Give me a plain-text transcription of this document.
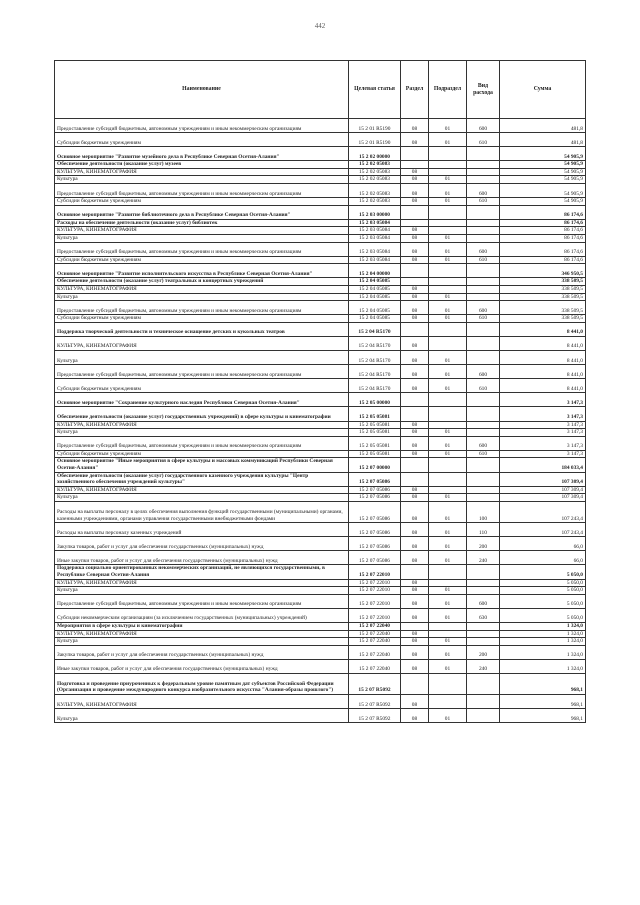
442
Наименование	Целевая статья	Раздел	Подраздел	Вид расхода	Сумма
Предоставление субсидий бюджетным, автономным учреждениям и иным некоммерческим организациям	15 2 01 R5190	08	01	600	481,8
Субсидии бюджетным учреждениям	15 2 01 R5190	08	01	610	481,8
Основное мероприятие "Развитие музейного дела в Республике Северная Осетия-Алания"	15 2 02 00000				54 905,9
Обеспечение деятельности (оказание услуг) музеев	15 2 02 05083				54 905,9
КУЛЬТУРА, КИНЕМАТОГРАФИЯ	15 2 02 05083	08			54 905,9
Культура	15 2 02 05083	08	01		54 905,9
Предоставление субсидий бюджетным, автономным учреждениям и иным некоммерческим организациям	15 2 02 05083	08	01	600	54 905,9
Субсидии бюджетным учреждениям	15 2 02 05083	08	01	610	54 905,9
Основное мероприятие "Развитие библиотечного дела в Республике Северная Осетия-Алания"	15 2 03 00000				86 174,6
Расходы на обеспечение деятельности (оказание услуг) библиотек	15 2 03 05084				86 174,6
КУЛЬТУРА, КИНЕМАТОГРАФИЯ	15 2 03 05084	08			86 174,6
Культура	15 2 03 05084	08	01		86 174,6
Предоставление субсидий бюджетным, автономным учреждениям и иным некоммерческим организациям	15 2 03 05084	08	01	600	86 174,6
Субсидии бюджетным учреждениям	15 2 03 05084	08	01	610	86 174,6
Основное мероприятие "Развитие исполнительского искусства в Республике Северная Осетия-Алания"	15 2 04 00000				346 950,5
Обеспечение деятельности (оказание услуг) театральных и концертных учреждений	15 2 04 05085				338 509,5
КУЛЬТУРА, КИНЕМАТОГРАФИЯ	15 2 04 05085	08			338 509,5
Культура	15 2 04 05085	08	01		338 509,5
Предоставление субсидий бюджетным, автономным учреждениям и иным некоммерческим организациям	15 2 04 05085	08	01	600	338 509,5
Субсидии бюджетным учреждениям	15 2 04 05085	08	01	610	338 509,5
Поддержка творческой деятельности и техническое оснащение детских и кукольных театров	15 2 04 R5170				8 441,0
КУЛЬТУРА, КИНЕМАТОГРАФИЯ	15 2 04 R5170	08			8 441,0
Культура	15 2 04 R5170	08	01		8 441,0
Предоставление субсидий бюджетным, автономным учреждениям и иным некоммерческим организациям	15 2 04 R5170	08	01	600	8 441,0
Субсидии бюджетным учреждениям	15 2 04 R5170	08	01	610	8 441,0
Основное мероприятие "Сохранение культурного наследия Республики Северная Осетия-Алания"	15 2 05 00000				3 147,3
Обеспечение деятельности (оказание услуг) государственных учреждений) в сфере культуры и кинематографии	15 2 05 05081				3 147,3
КУЛЬТУРА, КИНЕМАТОГРАФИЯ	15 2 05 05081	08			3 147,3
Культура	15 2 05 05081	08	01		3 147,3
Предоставление субсидий бюджетным, автономным учреждениям и иным некоммерческим организациям	15 2 05 05081	08	01	600	3 147,3
Субсидии бюджетным учреждениям	15 2 05 05081	08	01	610	3 147,3
Основное мероприятие "Иные мероприятия в сфере культуры и массовых коммуникаций Республики Северная Осетия-Алания"	15 2 07 00000				184 033,4
Обеспечение деятельности (оказание услуг) государственного казенного учреждения культуры "Центр хозяйственного обеспечения учреждений культуры"	15 2 07 05086				107 309,4
КУЛЬТУРА, КИНЕМАТОГРАФИЯ	15 2 07 05086	08			107 309,4
Культура	15 2 07 05086	08	01		107 309,4
Расходы на выплаты персоналу в целях обеспечения выполнения функций государственными (муниципальными) органами, казенными учреждениями, органами управления государственными внебюджетными фондами	15 2 07 05086	08	01	100	107 243,4
Расходы на выплаты персоналу казенных учреждений	15 2 07 05086	08	01	110	107 243,4
Закупка товаров, работ и услуг для обеспечения государственных (муниципальных) нужд	15 2 07 05086	08	01	200	66,0
Иные закупки товаров, работ и услуг для обеспечения государственных (муниципальных) нужд	15 2 07 05086	08	01	240	66,0
Поддержка социально ориентированных некоммерческих организаций, не являющихся государственными, в Республике Северная Осетия-Алания	15 2 07 22010				5 050,0
КУЛЬТУРА, КИНЕМАТОГРАФИЯ	15 2 07 22010	08			5 050,0
Культура	15 2 07 22010	08	01		5 050,0
Предоставление субсидий бюджетным, автономным учреждениям и иным некоммерческим организациям	15 2 07 22010	08	01	600	5 050,0
Субсидии некоммерческим организациям (за исключением государственных (муниципальных) учреждений)	15 2 07 22010	08	01	630	5 050,0
Мероприятия в сфере культуры и кинематографии	15 2 07 22040				1 324,0
КУЛЬТУРА, КИНЕМАТОГРАФИЯ	15 2 07 22040	08			1 324,0
Культура	15 2 07 22040	08	01		1 324,0
Закупка товаров, работ и услуг для обеспечения государственных (муниципальных) нужд	15 2 07 22040	08	01	200	1 324,0
Иные закупки товаров, работ и услуг для обеспечения государственных (муниципальных) нужд	15 2 07 22040	08	01	240	1 324,0
Подготовка и проведение приуроченных к федеральным уровне памятным дат субъектов Российской Федерации (Организация и проведение международного конкурса изобразительного искусства "Алания-образы прошлого")	15 2 07 R5092				968,1
КУЛЬТУРА, КИНЕМАТОГРАФИЯ	15 2 07 R5092	08			968,1
Культура	15 2 07 R5092	08	01		968,1
